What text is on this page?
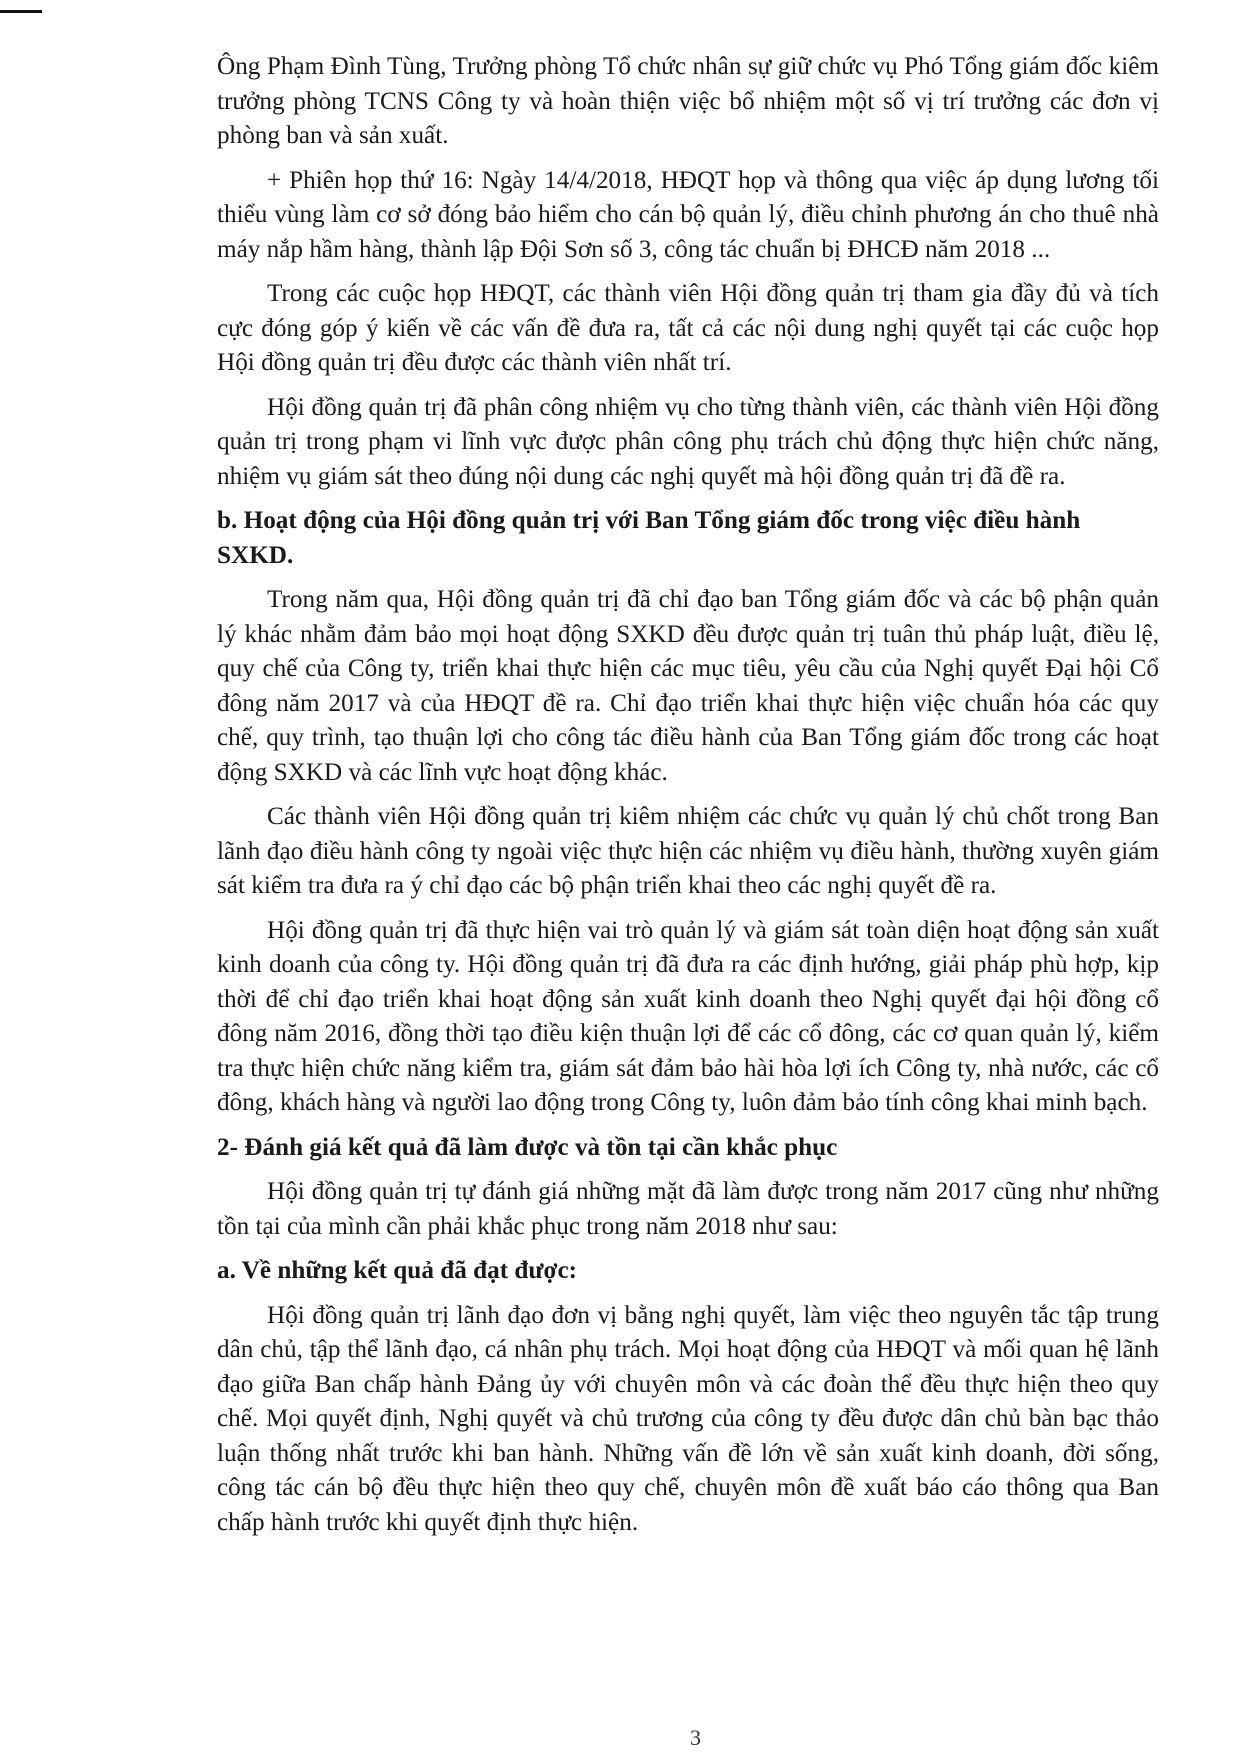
Ông Phạm Đình Tùng, Trưởng phòng Tổ chức nhân sự giữ chức vụ Phó Tổng giám đốc kiêm trưởng phòng TCNS Công ty và hoàn thiện việc bổ nhiệm một số vị trí trưởng các đơn vị phòng ban và sản xuất.

+ Phiên họp thứ 16: Ngày 14/4/2018, HĐQT họp và thông qua việc áp dụng lương tối thiểu vùng làm cơ sở đóng bảo hiểm cho cán bộ quản lý, điều chỉnh phương án cho thuê nhà máy nắp hầm hàng, thành lập Đội Sơn số 3, công tác chuẩn bị ĐHCĐ năm 2018 ...

Trong các cuộc họp HĐQT, các thành viên Hội đồng quản trị tham gia đầy đủ và tích cực đóng góp ý kiến về các vấn đề đưa ra, tất cả các nội dung nghị quyết tại các cuộc họp Hội đồng quản trị đều được các thành viên nhất trí.

Hội đồng quản trị đã phân công nhiệm vụ cho từng thành viên, các thành viên Hội đồng quản trị trong phạm vi lĩnh vực được phân công phụ trách chủ động thực hiện chức năng, nhiệm vụ giám sát theo đúng nội dung các nghị quyết mà hội đồng quản trị đã đề ra.

b. Hoạt động của Hội đồng quản trị với Ban Tổng giám đốc trong việc điều hành SXKD.

Trong năm qua, Hội đồng quản trị đã chỉ đạo ban Tổng giám đốc và các bộ phận quản lý khác nhằm đảm bảo mọi hoạt động SXKD đều được quản trị tuân thủ pháp luật, điều lệ, quy chế của Công ty, triển khai thực hiện các mục tiêu, yêu cầu của Nghị quyết Đại hội Cổ đông năm 2017 và của HĐQT đề ra. Chỉ đạo triển khai thực hiện việc chuẩn hóa các quy chế, quy trình, tạo thuận lợi cho công tác điều hành của Ban Tổng giám đốc trong các hoạt động SXKD và các lĩnh vực hoạt động khác.

Các thành viên Hội đồng quản trị kiêm nhiệm các chức vụ quản lý chủ chốt trong Ban lãnh đạo điều hành công ty ngoài việc thực hiện các nhiệm vụ điều hành, thường xuyên giám sát kiểm tra đưa ra ý chỉ đạo các bộ phận triển khai theo các nghị quyết đề ra.

Hội đồng quản trị đã thực hiện vai trò quản lý và giám sát toàn diện hoạt động sản xuất kinh doanh của công ty. Hội đồng quản trị đã đưa ra các định hướng, giải pháp phù hợp, kịp thời để chỉ đạo triển khai hoạt động sản xuất kinh doanh theo Nghị quyết đại hội đồng cổ đông năm 2016, đồng thời tạo điều kiện thuận lợi để các cổ đông, các cơ quan quản lý, kiểm tra thực hiện chức năng kiểm tra, giám sát đảm bảo hài hòa lợi ích Công ty, nhà nước, các cổ đông, khách hàng và người lao động trong Công ty, luôn đảm bảo tính công khai minh bạch.

2- Đánh giá kết quả đã làm được và tồn tại cần khắc phục

Hội đồng quản trị tự đánh giá những mặt đã làm được trong năm 2017 cũng như những tồn tại của mình cần phải khắc phục trong năm 2018 như sau:

a. Về những kết quả đã đạt được:

Hội đồng quản trị lãnh đạo đơn vị bằng nghị quyết, làm việc theo nguyên tắc tập trung dân chủ, tập thể lãnh đạo, cá nhân phụ trách. Mọi hoạt động của HĐQT và mối quan hệ lãnh đạo giữa Ban chấp hành Đảng ủy với chuyên môn và các đoàn thể đều thực hiện theo quy chế. Mọi quyết định, Nghị quyết và chủ trương của công ty đều được dân chủ bàn bạc thảo luận thống nhất trước khi ban hành. Những vấn đề lớn về sản xuất kinh doanh, đời sống, công tác cán bộ đều thực hiện theo quy chế, chuyên môn đề xuất báo cáo thông qua Ban chấp hành trước khi quyết định thực hiện.

3
